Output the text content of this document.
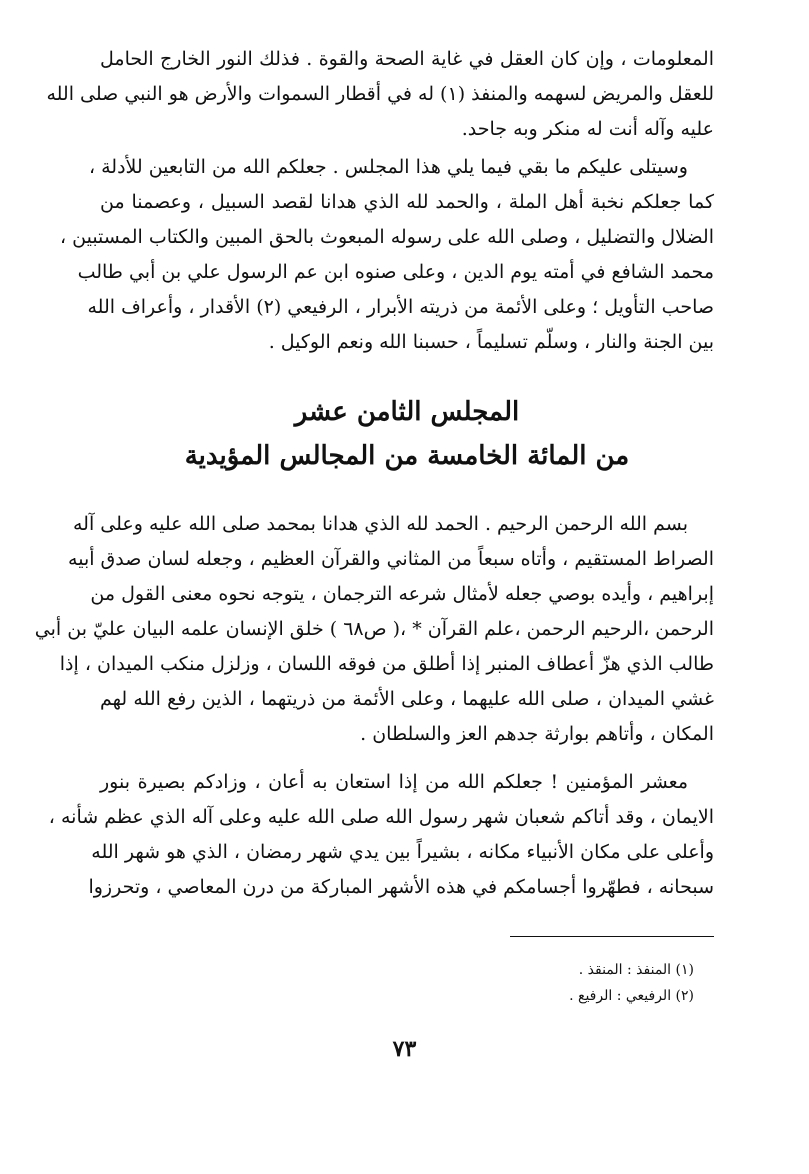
المعلومات ، وإن كان العقل في غاية الصحة والقوة . فذلك النور الخارج الحامل
للعقل والمريض لسهمه والمنفذ (١) له في أقطار السموات والأرض هو النبي صلى الله
عليه وآله أنت له منكر وبه جاحد.
وسيتلى عليكم ما بقي فيما يلي هذا المجلس . جعلكم الله من التابعين للأدلة ،
كما جعلكم نخبة أهل الملة ، والحمد لله الذي هدانا لقصد السبيل ، وعصمنا من
الضلال والتضليل ، وصلى الله على رسوله المبعوث بالحق المبين والكتاب المستبين ،
محمد الشافع في أمته يوم الدين ، وعلى صنوه ابن عم الرسول علي بن أبي طالب
صاحب التأويل ؛ وعلى الأئمة من ذريته الأبرار ، الرفيعي (٢) الأقدار ، وأعراف الله
بين الجنة والنار ، وسلّم تسليماً ، حسبنا الله ونعم الوكيل .
المجلس الثامن عشر
من المائة الخامسة من المجالس المؤيدية
بسم الله الرحمن الرحيم . الحمد لله الذي هدانا بمحمد صلى الله عليه وعلى آله
الصراط المستقيم ، وأتاه سبعاً من المثاني والقرآن العظيم ، وجعله لسان صدق أبيه
إبراهيم ، وأيده بوصي جعله لأمثال شرعه الترجمان ، يتوجه نحوه معنى القول من
الرحمن ،الرحيم الرحمن ،علم القرآن * ،( ص٦٨ ) خلق الإنسان علمه البيان عليّ بن أبي
طالب الذي هزّ أعطاف المنبر إذا أطلق من فوقه اللسان ، وزلزل منكب الميدان ، إذا
غشي الميدان ، صلى الله عليهما ، وعلى الأئمة من ذريتهما ، الذين رفع الله لهم
المكان ، وأتاهم بوارثة جدهم العز والسلطان .
معشر المؤمنين ! جعلكم الله من إذا استعان به أعان ، وزادكم بصيرة بنور
الايمان ، وقد أتاكم شعبان شهر رسول الله صلى الله عليه وعلى آله الذي عظم شأنه ،
وأعلى على مكان الأنبياء مكانه ، بشيراً بين يدي شهر رمضان ، الذي هو شهر الله
سبحانه ، فطهّروا أجسامكم في هذه الأشهر المباركة من درن المعاصي ، وتحرزوا
(١) المنفذ : المنقذ .
(٢) الرفيعي : الرفيع .
٧٣
